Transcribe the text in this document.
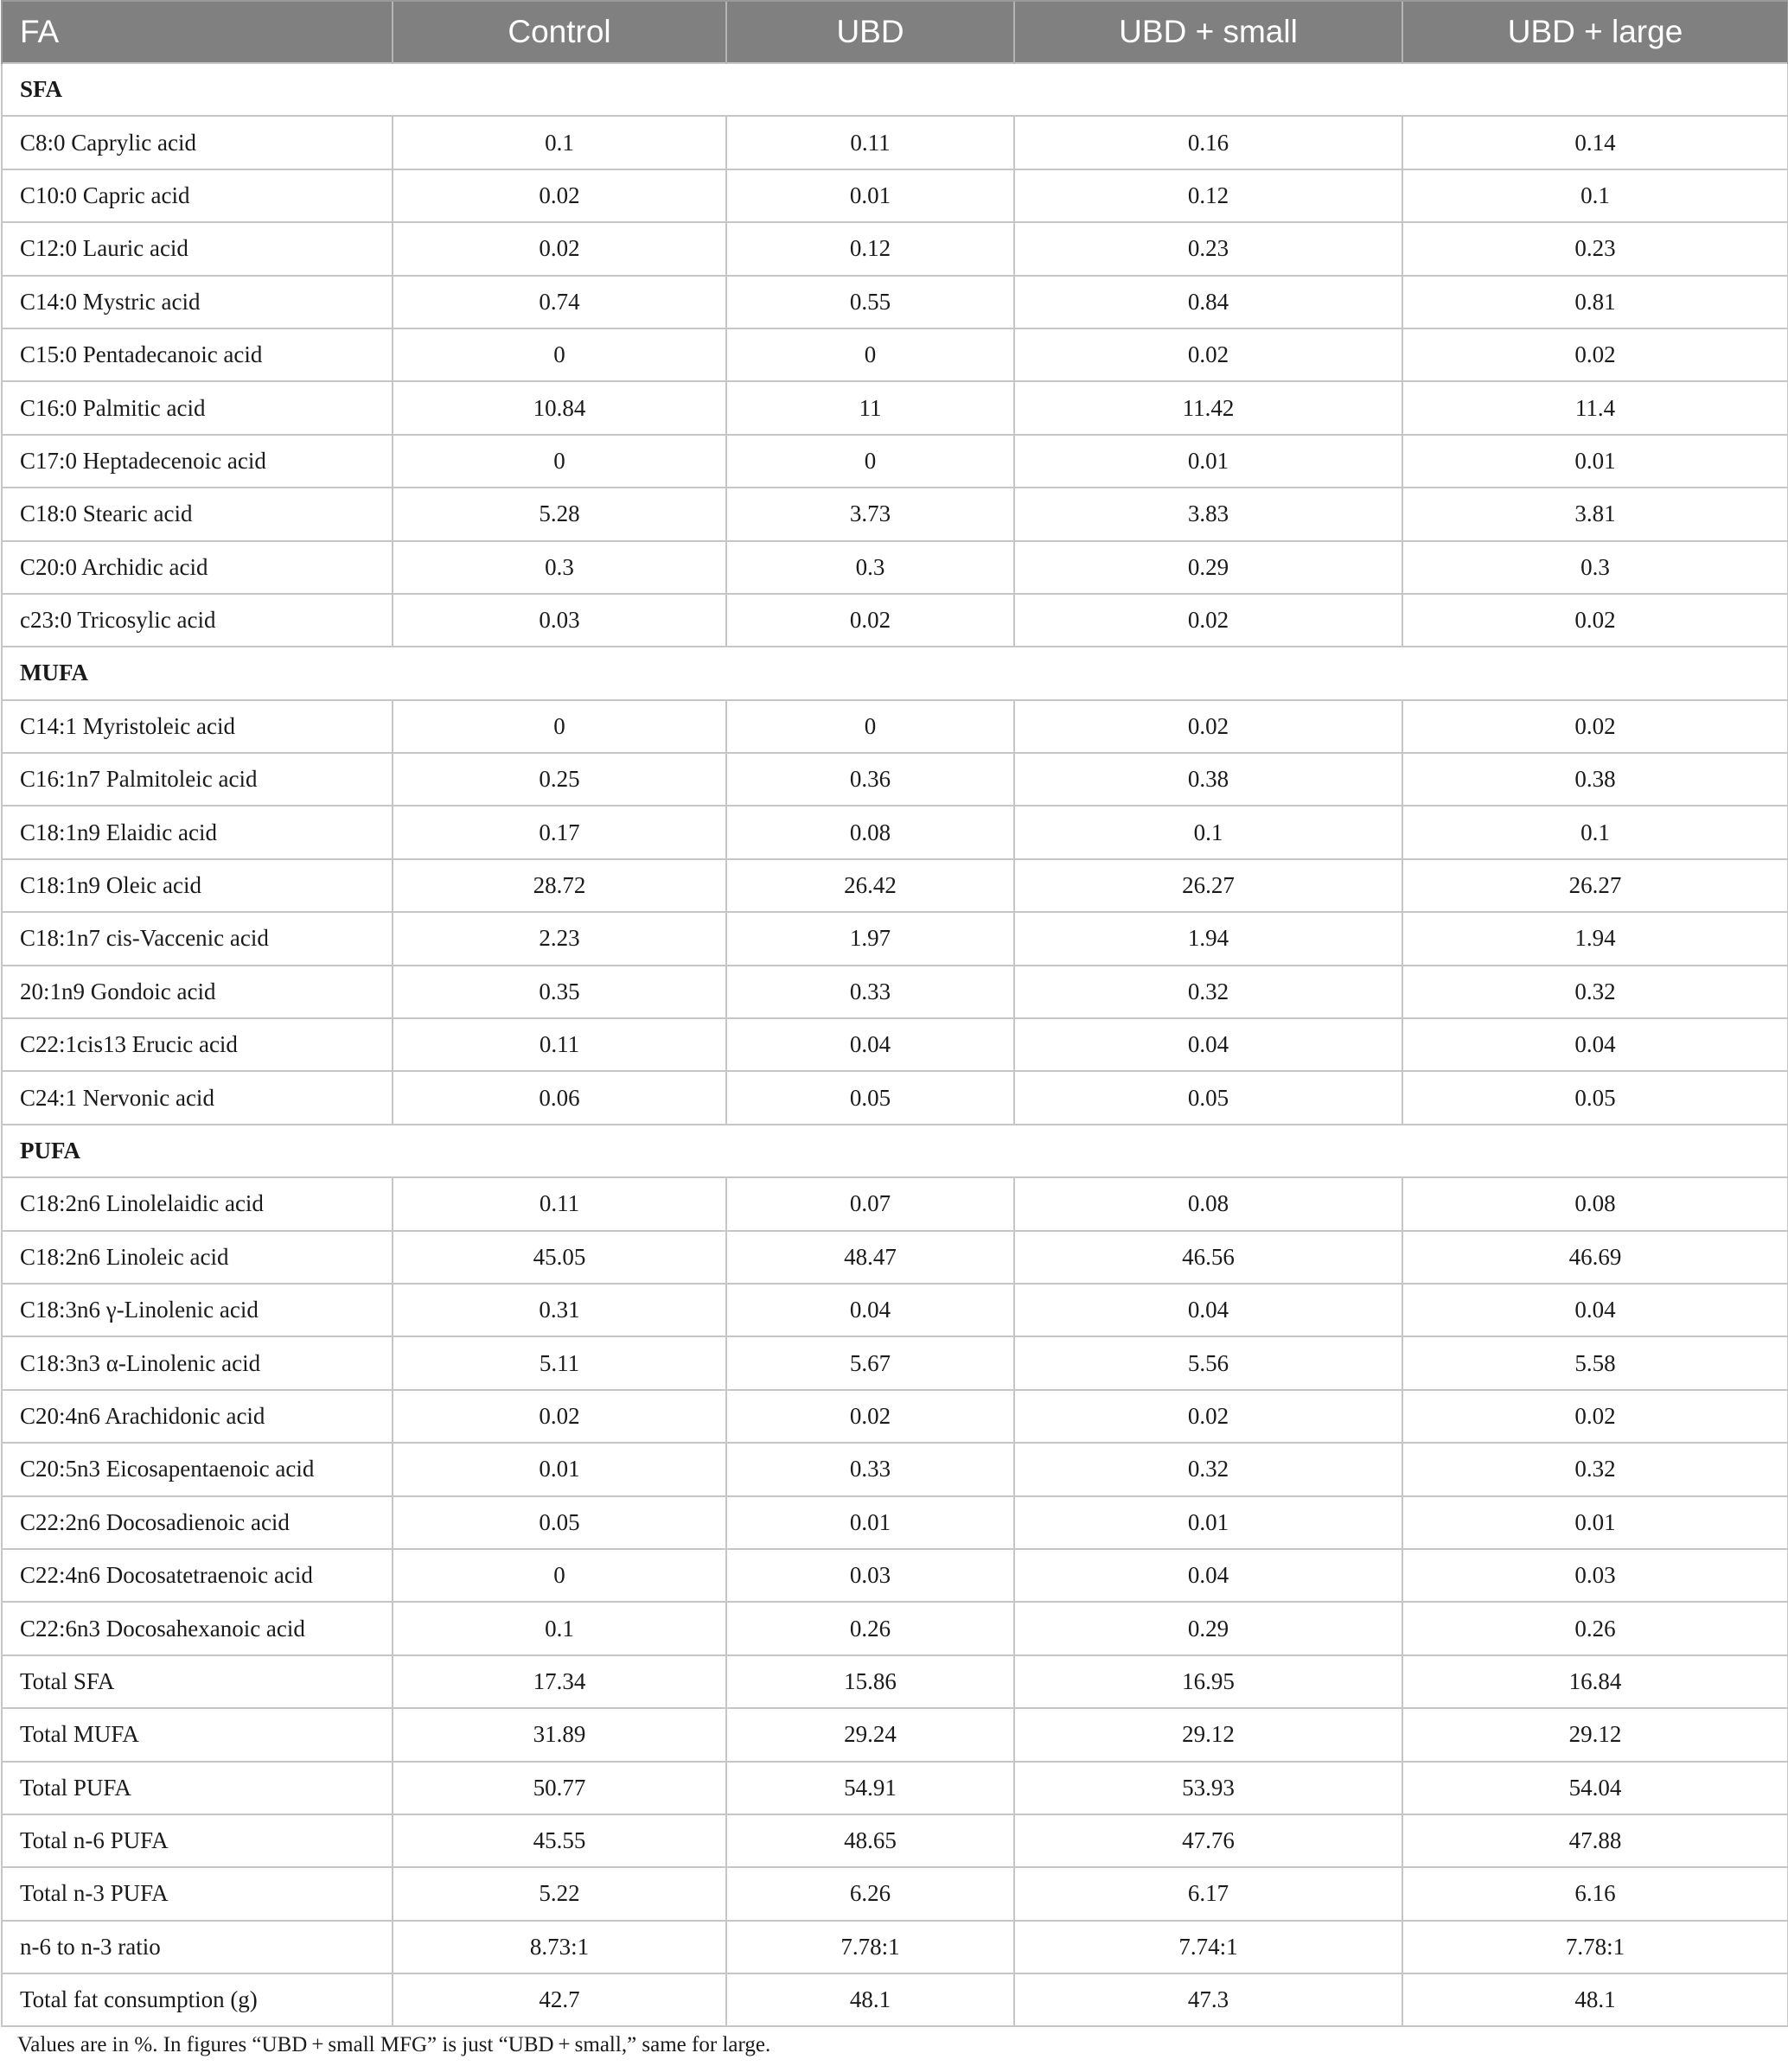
FA	Control	UBD	UBD + small	UBD + large
SFA				
C8:0 Caprylic acid	0.1	0.11	0.16	0.14
C10:0 Capric acid	0.02	0.01	0.12	0.1
C12:0 Lauric acid	0.02	0.12	0.23	0.23
C14:0 Mystric acid	0.74	0.55	0.84	0.81
C15:0 Pentadecanoic acid	0	0	0.02	0.02
C16:0 Palmitic acid	10.84	11	11.42	11.4
C17:0 Heptadecenoic acid	0	0	0.01	0.01
C18:0 Stearic acid	5.28	3.73	3.83	3.81
C20:0 Archidic acid	0.3	0.3	0.29	0.3
c23:0 Tricosylic acid	0.03	0.02	0.02	0.02
MUFA				
C14:1 Myristoleic acid	0	0	0.02	0.02
C16:1n7 Palmitoleic acid	0.25	0.36	0.38	0.38
C18:1n9 Elaidic acid	0.17	0.08	0.1	0.1
C18:1n9 Oleic acid	28.72	26.42	26.27	26.27
C18:1n7 cis-Vaccenic acid	2.23	1.97	1.94	1.94
20:1n9 Gondoic acid	0.35	0.33	0.32	0.32
C22:1cis13 Erucic acid	0.11	0.04	0.04	0.04
C24:1 Nervonic acid	0.06	0.05	0.05	0.05
PUFA				
C18:2n6 Linolelaidic acid	0.11	0.07	0.08	0.08
C18:2n6 Linoleic acid	45.05	48.47	46.56	46.69
C18:3n6 γ-Linolenic acid	0.31	0.04	0.04	0.04
C18:3n3 α-Linolenic acid	5.11	5.67	5.56	5.58
C20:4n6 Arachidonic acid	0.02	0.02	0.02	0.02
C20:5n3 Eicosapentaenoic acid	0.01	0.33	0.32	0.32
C22:2n6 Docosadienoic acid	0.05	0.01	0.01	0.01
C22:4n6 Docosatetraenoic acid	0	0.03	0.04	0.03
C22:6n3 Docosahexanoic acid	0.1	0.26	0.29	0.26
Total SFA	17.34	15.86	16.95	16.84
Total MUFA	31.89	29.24	29.12	29.12
Total PUFA	50.77	54.91	53.93	54.04
Total n-6 PUFA	45.55	48.65	47.76	47.88
Total n-3 PUFA	5.22	6.26	6.17	6.16
n-6 to n-3 ratio	8.73:1	7.78:1	7.74:1	7.78:1
Total fat consumption (g)	42.7	48.1	47.3	48.1
Values are in %. In figures “UBD + small MFG” is just “UBD + small,” same for large.
